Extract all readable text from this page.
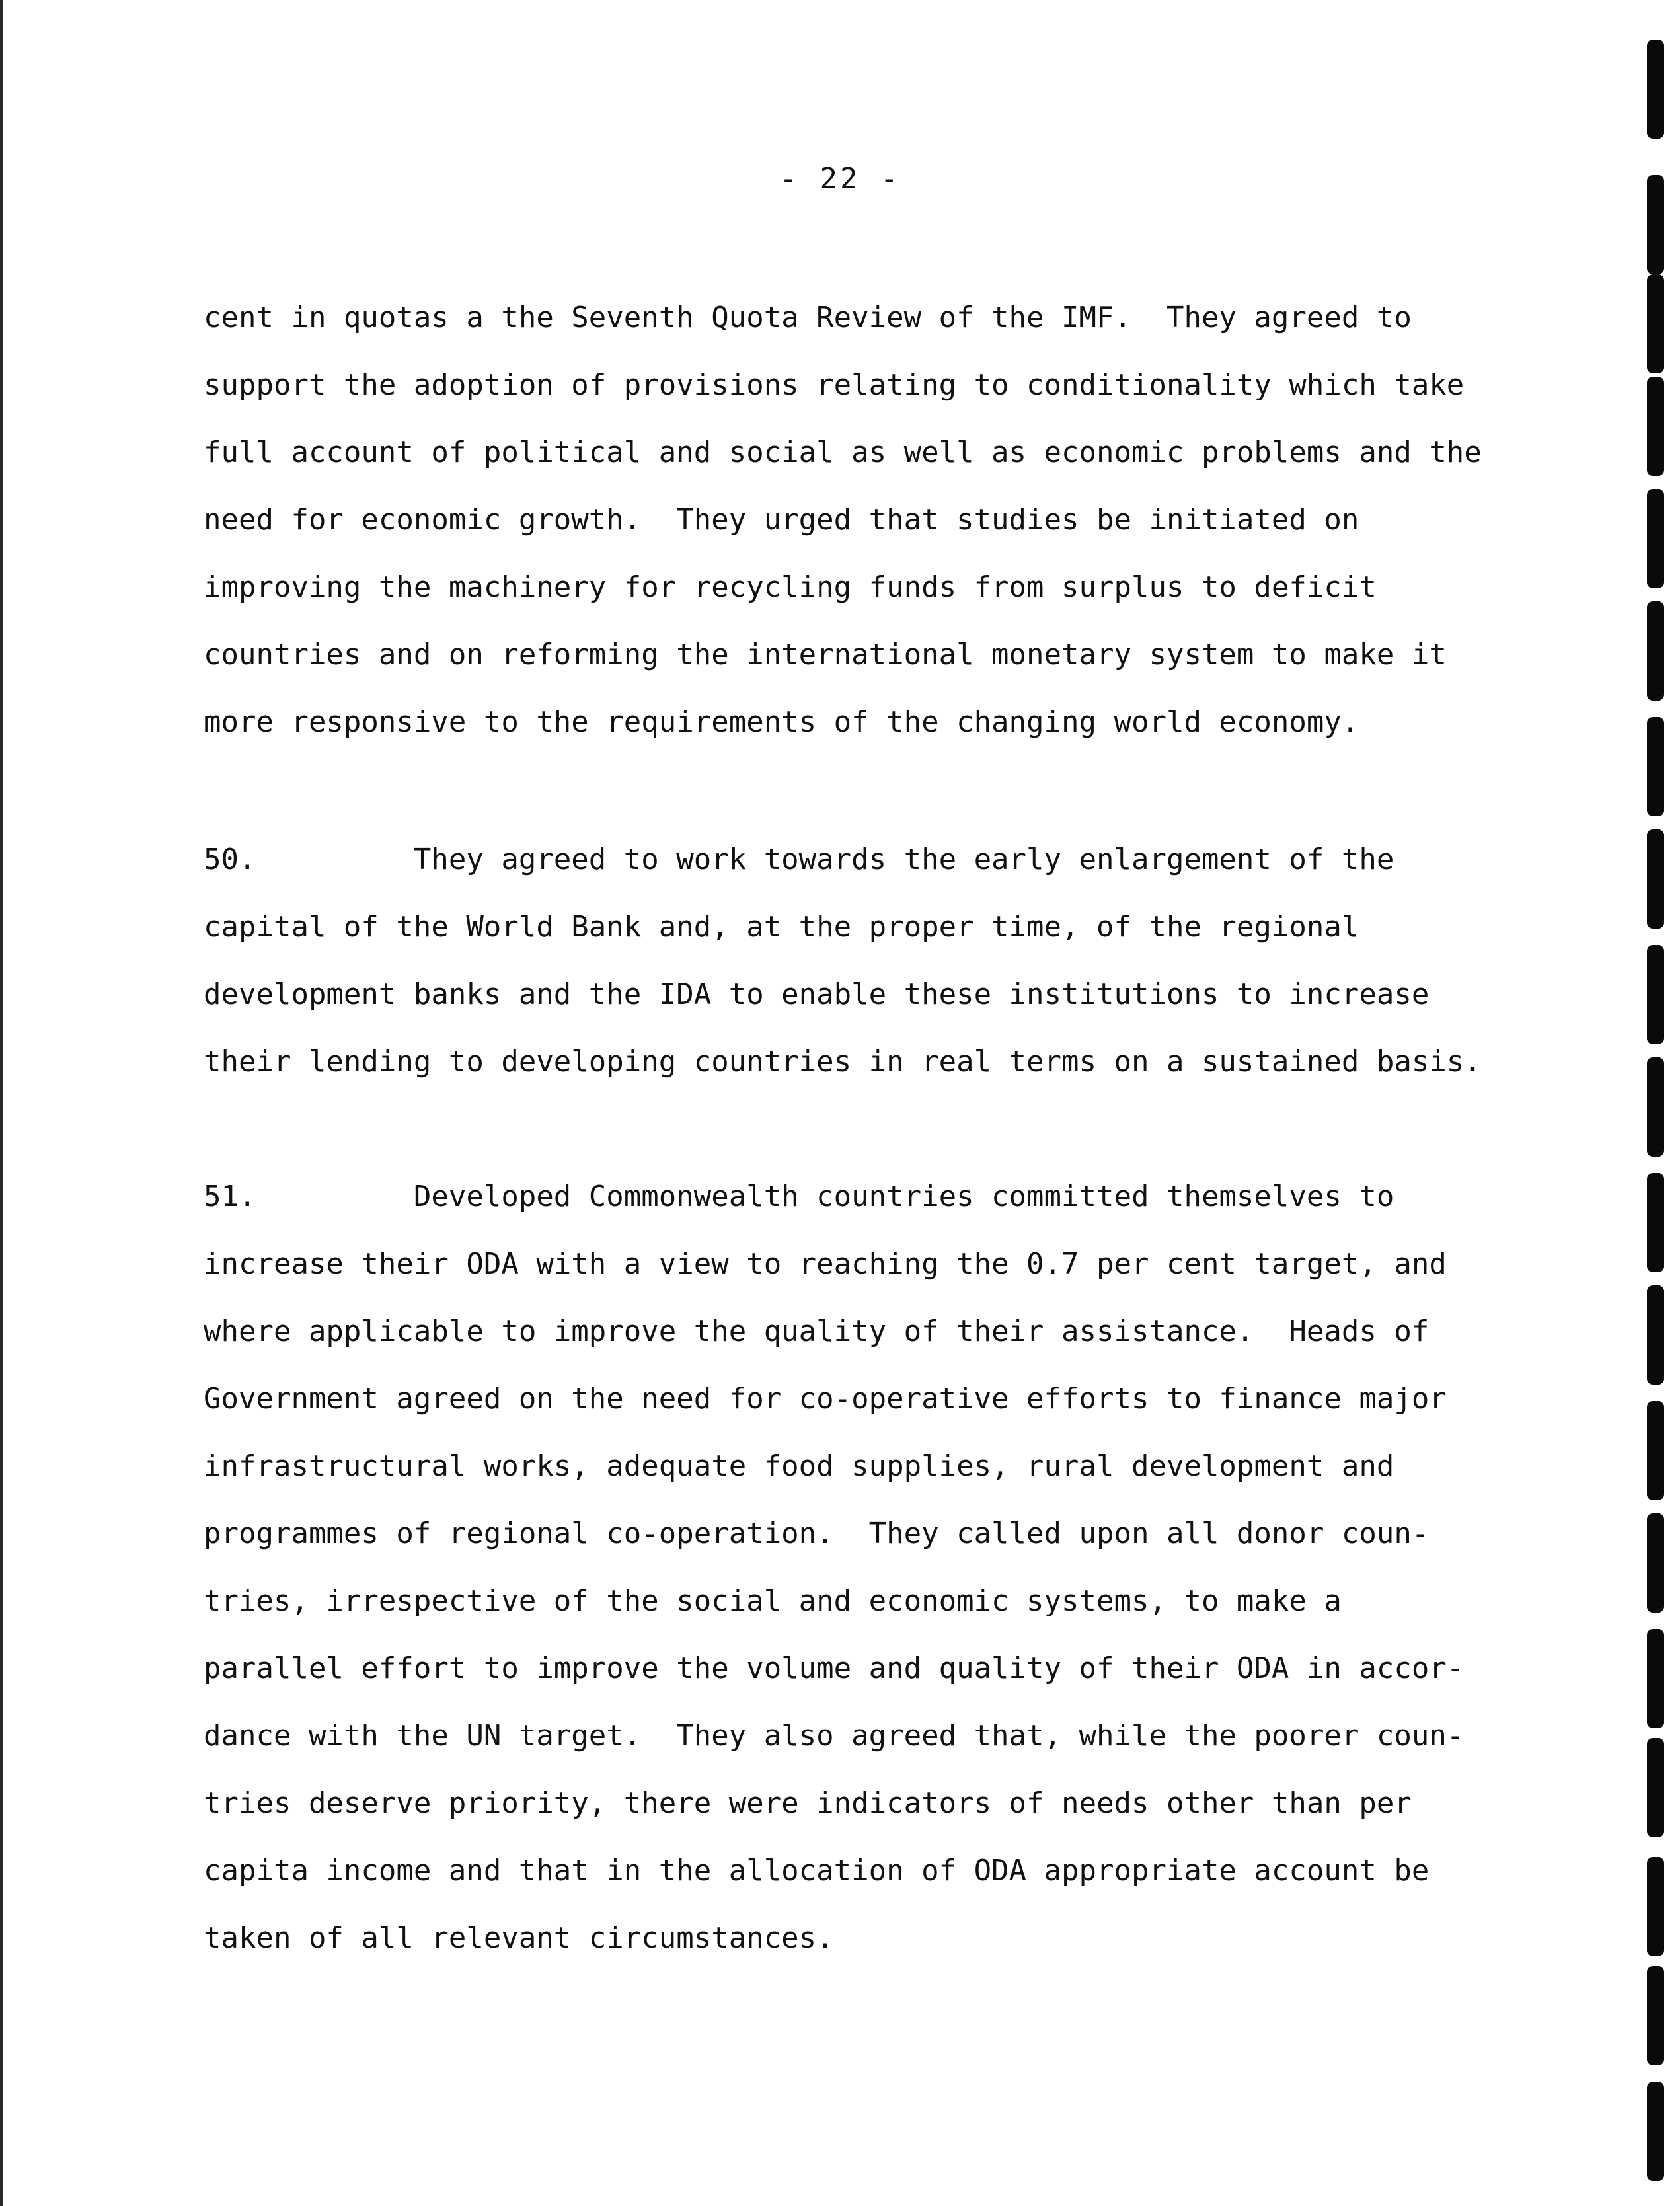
- 22 -
cent in quotas a the Seventh Quota Review of the IMF.  They agreed to
support the adoption of provisions relating to conditionality which take
full account of political and social as well as economic problems and the
need for economic growth.  They urged that studies be initiated on
improving the machinery for recycling funds from surplus to deficit
countries and on reforming the international monetary system to make it
more responsive to the requirements of the changing world economy.
50.         They agreed to work towards the early enlargement of the
capital of the World Bank and, at the proper time, of the regional
development banks and the IDA to enable these institutions to increase
their lending to developing countries in real terms on a sustained basis.
51.         Developed Commonwealth countries committed themselves to
increase their ODA with a view to reaching the 0.7 per cent target, and
where applicable to improve the quality of their assistance.  Heads of
Government agreed on the need for co-operative efforts to finance major
infrastructural works, adequate food supplies, rural development and
programmes of regional co-operation.  They called upon all donor coun-
tries, irrespective of the social and economic systems, to make a
parallel effort to improve the volume and quality of their ODA in accor-
dance with the UN target.  They also agreed that, while the poorer coun-
tries deserve priority, there were indicators of needs other than per
capita income and that in the allocation of ODA appropriate account be
taken of all relevant circumstances.
